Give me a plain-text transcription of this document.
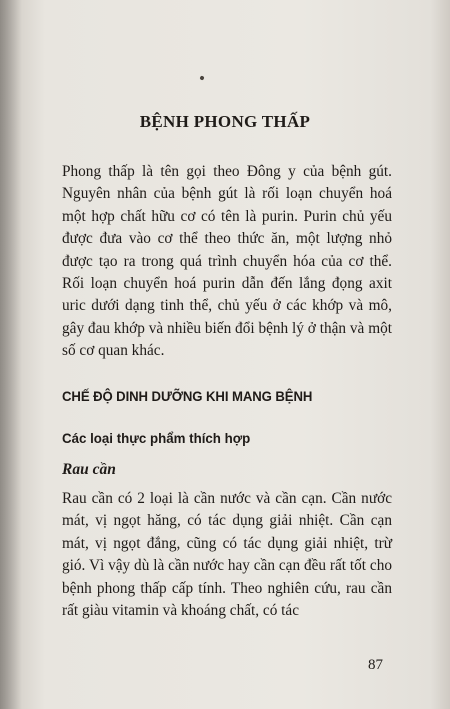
BỆNH PHONG THẤP

Phong thấp là tên gọi theo Đông y của bệnh gút. Nguyên nhân của bệnh gút là rối loạn chuyển hoá một hợp chất hữu cơ có tên là purin. Purin chủ yếu được đưa vào cơ thể theo thức ăn, một lượng nhỏ được tạo ra trong quá trình chuyển hóa của cơ thể. Rối loạn chuyển hoá purin dẫn đến lắng đọng axit uric dưới dạng tinh thể, chủ yếu ở các khớp và mô, gây đau khớp và nhiều biến đổi bệnh lý ở thận và một số cơ quan khác.

CHẾ ĐỘ DINH DƯỠNG KHI MANG BỆNH
Các loại thực phẩm thích hợp
Rau cần

Rau cần có 2 loại là cần nước và cần cạn. Cần nước mát, vị ngọt hăng, có tác dụng giải nhiệt. Cần cạn mát, vị ngọt đắng, cũng có tác dụng giải nhiệt, trừ gió. Vì vậy dù là cần nước hay cần cạn đều rất tốt cho bệnh phong thấp cấp tính. Theo nghiên cứu, rau cần rất giàu vitamin và khoáng chất, có tác

87
